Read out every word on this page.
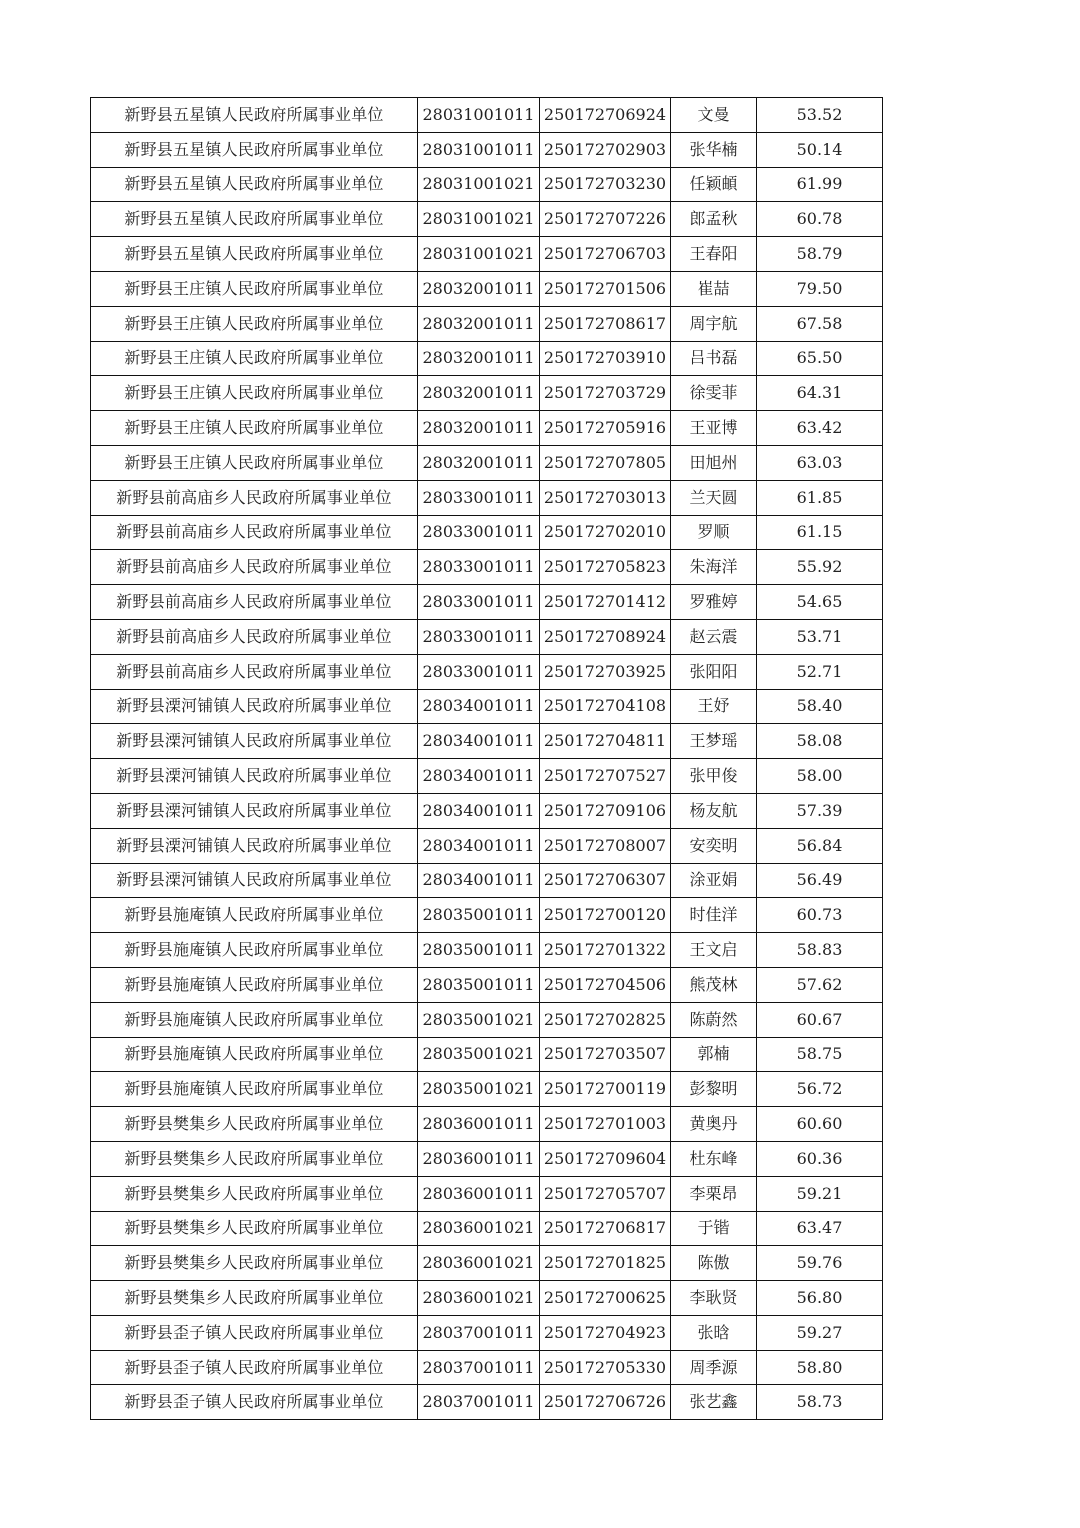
新野县五星镇人民政府所属事业单位	28031001011	250172706924	文曼	53.52
新野县五星镇人民政府所属事业单位	28031001011	250172702903	张华楠	50.14
新野县五星镇人民政府所属事业单位	28031001021	250172703230	任颖頔	61.99
新野县五星镇人民政府所属事业单位	28031001021	250172707226	郎孟秋	60.78
新野县五星镇人民政府所属事业单位	28031001021	250172706703	王春阳	58.79
新野县王庄镇人民政府所属事业单位	28032001011	250172701506	崔喆	79.50
新野县王庄镇人民政府所属事业单位	28032001011	250172708617	周宇航	67.58
新野县王庄镇人民政府所属事业单位	28032001011	250172703910	吕书磊	65.50
新野县王庄镇人民政府所属事业单位	28032001011	250172703729	徐雯菲	64.31
新野县王庄镇人民政府所属事业单位	28032001011	250172705916	王亚博	63.42
新野县王庄镇人民政府所属事业单位	28032001011	250172707805	田旭州	63.03
新野县前高庙乡人民政府所属事业单位	28033001011	250172703013	兰天圆	61.85
新野县前高庙乡人民政府所属事业单位	28033001011	250172702010	罗顺	61.15
新野县前高庙乡人民政府所属事业单位	28033001011	250172705823	朱海洋	55.92
新野县前高庙乡人民政府所属事业单位	28033001011	250172701412	罗雅婷	54.65
新野县前高庙乡人民政府所属事业单位	28033001011	250172708924	赵云震	53.71
新野县前高庙乡人民政府所属事业单位	28033001011	250172703925	张阳阳	52.71
新野县溧河铺镇人民政府所属事业单位	28034001011	250172704108	王妤	58.40
新野县溧河铺镇人民政府所属事业单位	28034001011	250172704811	王梦瑶	58.08
新野县溧河铺镇人民政府所属事业单位	28034001011	250172707527	张甲俊	58.00
新野县溧河铺镇人民政府所属事业单位	28034001011	250172709106	杨友航	57.39
新野县溧河铺镇人民政府所属事业单位	28034001011	250172708007	安奕明	56.84
新野县溧河铺镇人民政府所属事业单位	28034001011	250172706307	涂亚娟	56.49
新野县施庵镇人民政府所属事业单位	28035001011	250172700120	时佳洋	60.73
新野县施庵镇人民政府所属事业单位	28035001011	250172701322	王文启	58.83
新野县施庵镇人民政府所属事业单位	28035001011	250172704506	熊茂林	57.62
新野县施庵镇人民政府所属事业单位	28035001021	250172702825	陈蔚然	60.67
新野县施庵镇人民政府所属事业单位	28035001021	250172703507	郭楠	58.75
新野县施庵镇人民政府所属事业单位	28035001021	250172700119	彭黎明	56.72
新野县樊集乡人民政府所属事业单位	28036001011	250172701003	黄奥丹	60.60
新野县樊集乡人民政府所属事业单位	28036001011	250172709604	杜东峰	60.36
新野县樊集乡人民政府所属事业单位	28036001011	250172705707	李栗昂	59.21
新野县樊集乡人民政府所属事业单位	28036001021	250172706817	于锴	63.47
新野县樊集乡人民政府所属事业单位	28036001021	250172701825	陈傲	59.76
新野县樊集乡人民政府所属事业单位	28036001021	250172700625	李耿贤	56.80
新野县歪子镇人民政府所属事业单位	28037001011	250172704923	张晗	59.27
新野县歪子镇人民政府所属事业单位	28037001011	250172705330	周季源	58.80
新野县歪子镇人民政府所属事业单位	28037001011	250172706726	张艺鑫	58.73
